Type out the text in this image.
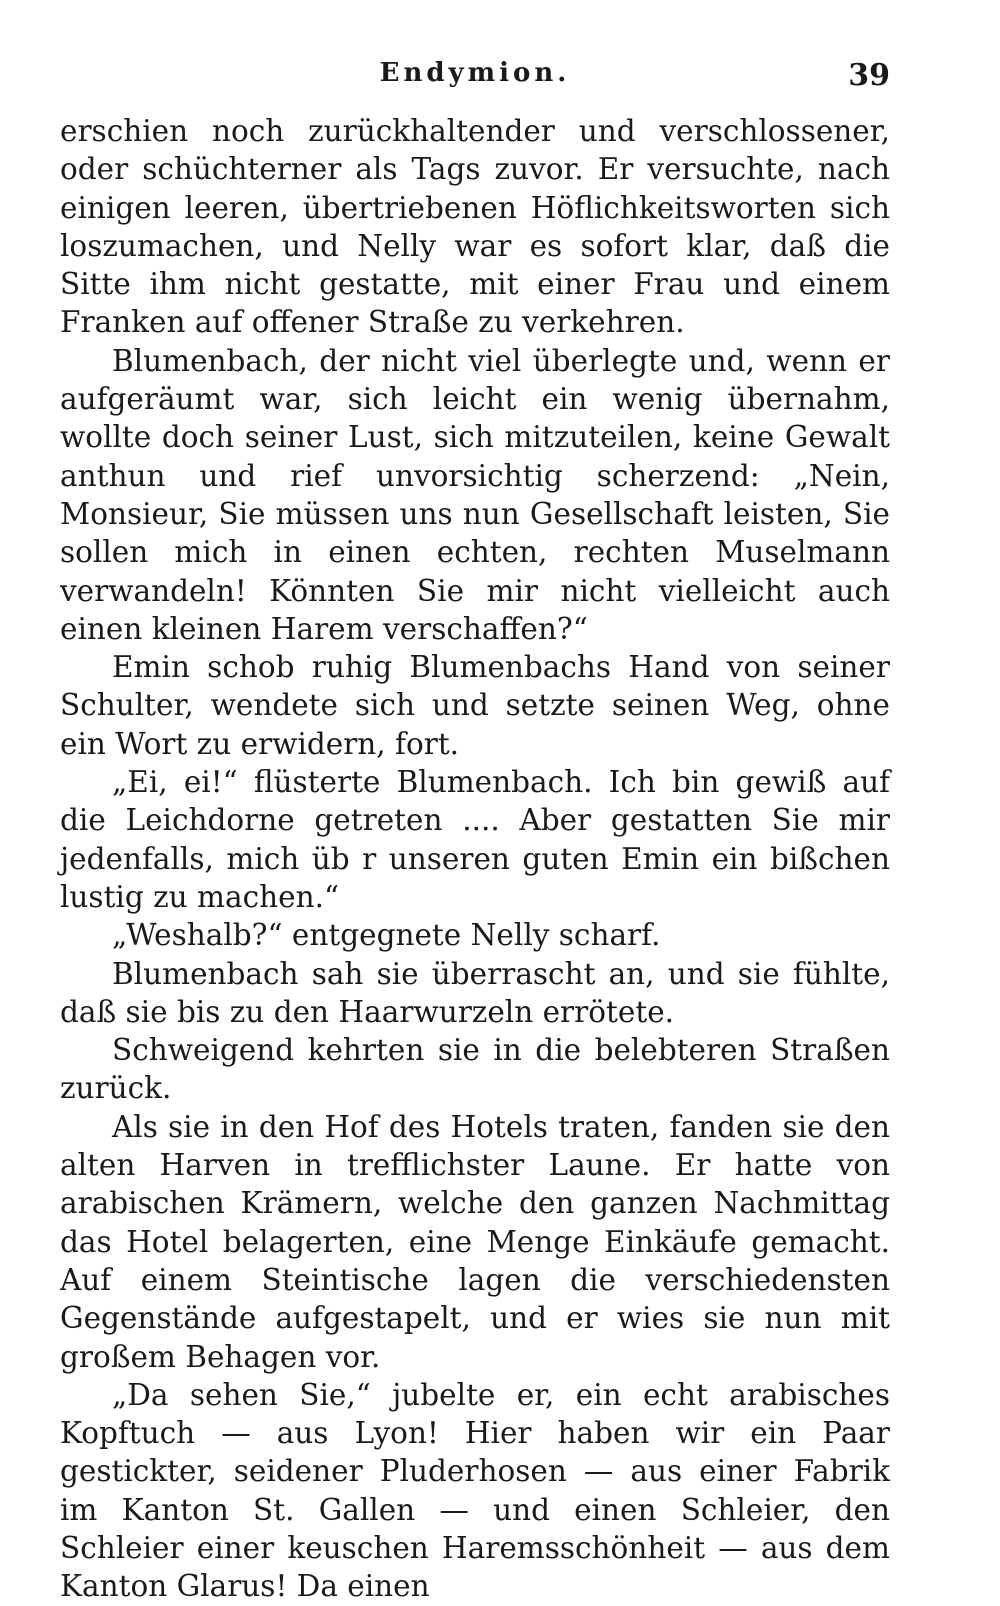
Endymion.	39

erschien noch zurückhaltender und verschlossener, oder schüchterner als Tags zuvor. Er versuchte, nach einigen leeren, übertriebenen Höflichkeitsworten sich loszumachen, und Nelly war es sofort klar, daß die Sitte ihm nicht gestatte, mit einer Frau und einem Franken auf offener Straße zu verkehren.

Blumenbach, der nicht viel überlegte und, wenn er aufgeräumt war, sich leicht ein wenig übernahm, wollte doch seiner Lust, sich mitzuteilen, keine Gewalt anthun und rief unvorsichtig scherzend: „Nein, Monsieur, Sie müssen uns nun Gesellschaft leisten, Sie sollen mich in einen echten, rechten Muselmann verwandeln! Könnten Sie mir nicht vielleicht auch einen kleinen Harem verschaffen?“

Emin schob ruhig Blumenbachs Hand von seiner Schulter, wendete sich und setzte seinen Weg, ohne ein Wort zu erwidern, fort.

„Ei, ei!“ flüsterte Blumenbach. Ich bin gewiß auf die Leichdorne getreten .... Aber gestatten Sie mir jedenfalls, mich üb r unseren guten Emin ein bißchen lustig zu machen.“

„Weshalb?“ entgegnete Nelly scharf.

Blumenbach sah sie überrascht an, und sie fühlte, daß sie bis zu den Haarwurzeln errötete.

Schweigend kehrten sie in die belebteren Straßen zurück.

Als sie in den Hof des Hotels traten, fanden sie den alten Harven in trefflichster Laune. Er hatte von arabischen Krämern, welche den ganzen Nachmittag das Hotel belagerten, eine Menge Einkäufe gemacht. Auf einem Steintische lagen die verschiedensten Gegenstände aufgestapelt, und er wies sie nun mit großem Behagen vor.

„Da sehen Sie,“ jubelte er, ein echt arabisches Kopftuch — aus Lyon! Hier haben wir ein Paar gestickter, seidener Pluderhosen — aus einer Fabrik im Kanton St. Gallen — und einen Schleier, den Schleier einer keuschen Haremsschönheit — aus dem Kanton Glarus! Da einen
